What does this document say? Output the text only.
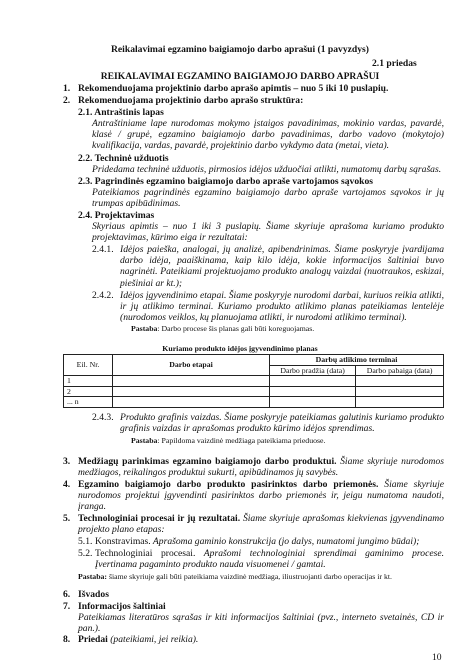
Reikalavimai egzamino baigiamojo darbo aprašui (1 pavyzdys)
2.1 priedas
REIKALAVIMAI EGZAMINO BAIGIAMOJO DARBO APRAŠUI
1. Rekomenduojama projektinio darbo aprašo apimtis – nuo 5 iki 10 puslapių.
2. Rekomenduojama projektinio darbo aprašo struktūra:
2.1. Antraštinis lapas
Antraštiniame lape nurodomas mokymo įstaigos pavadinimas, mokinio vardas, pavardė, klasė / grupė, egzamino baigiamojo darbo pavadinimas, darbo vadovo (mokytojo) kvalifikacija, vardas, pavardė, projektinio darbo vykdymo data (metai, vieta).
2.2. Techninė užduotis
Pridedama techninė užduotis, pirmosios idėjos užduočiai atlikti, numatomų darbų sąrašas.
2.3. Pagrindinės egzamino baigiamojo darbo apraše vartojamos sąvokos
Pateikiamos pagrindinės egzamino baigiamojo darbo apraše vartojamos sąvokos ir jų trumpas apibūdinimas.
2.4. Projektavimas
Skyriaus apimtis – nuo 1 iki 3 puslapių. Šiame skyriuje aprašoma kuriamo produkto projektavimas, kūrimo eiga ir rezultatai:
2.4.1. Idėjos paieška, analogai, jų analizė, apibendrinimas. Šiame poskyryje įvardijama darbo idėja, paaiškinama, kaip kilo idėja, kokie informacijos šaltiniai buvo nagrinėti. Pateikiami projektuojamo produkto analogų vaizdai (nuotraukos, eskizai, piešiniai ar kt.);
2.4.2. Idėjos įgyvendinimo etapai. Šiame poskyryje nurodomi darbai, kuriuos reikia atlikti, ir jų atlikimo terminai. Kuriamo produkto atlikimo planas pateikiamas lentelėje (nurodomos veiklos, kų planuojama atlikti, ir nurodomi atlikimo terminai).
Pastaba: Darbo procese šis planas gali būti koreguojamas.
Kuriamo produkto idėjos įgyvendinimo planas
Eil. Nr.	Darbo etapai	Darbų atlikimo terminai	
		Darbo pradžia (data)	Darbo pabaiga (data)
1			
2			
... n			
2.4.3. Produkto grafinis vaizdas. Šiame poskyryje pateikiamas galutinis kuriamo produkto grafinis vaizdas ir aprašomas produkto kūrimo idėjos sprendimas.
Pastaba: Papildoma vaizdinė medžiaga pateikiama prieduose.
3. Medžiagų parinkimas egzamino baigiamojo darbo produktui. Šiame skyriuje nurodomos medžiagos, reikalingos produktui sukurti, apibūdinamos jų savybės.
4. Egzamino baigiamojo darbo produkto pasirinktos darbo priemonės. Šiame skyriuje nurodomos projektui įgyvendinti pasirinktos darbo priemonės ir, jeigu numatoma naudoti, įranga.
5. Technologiniai procesai ir jų rezultatai. Šiame skyriuje aprašomas kiekvienas įgyvendinamo projekto plano etapas:
5.1. Konstravimas. Aprašoma gaminio konstrukcija (jo dalys, numatomi jungimo būdai);
5.2. Technologiniai procesai. Aprašomi technologiniai sprendimai gaminimo procese. Įvertinama pagaminto produkto nauda visuomenei / gamtai.
Pastaba: šiame skyriuje gali būti pateikiama vaizdinė medžiaga, iliustruojanti darbo operacijas ir kt.
6. Išvados
7. Informacijos šaltiniai
Pateikiamas literatūros sąrašas ir kiti informacijos šaltiniai (pvz., interneto svetainės, CD ir pan.).
8. Priedai (pateikiami, jei reikia).
10
